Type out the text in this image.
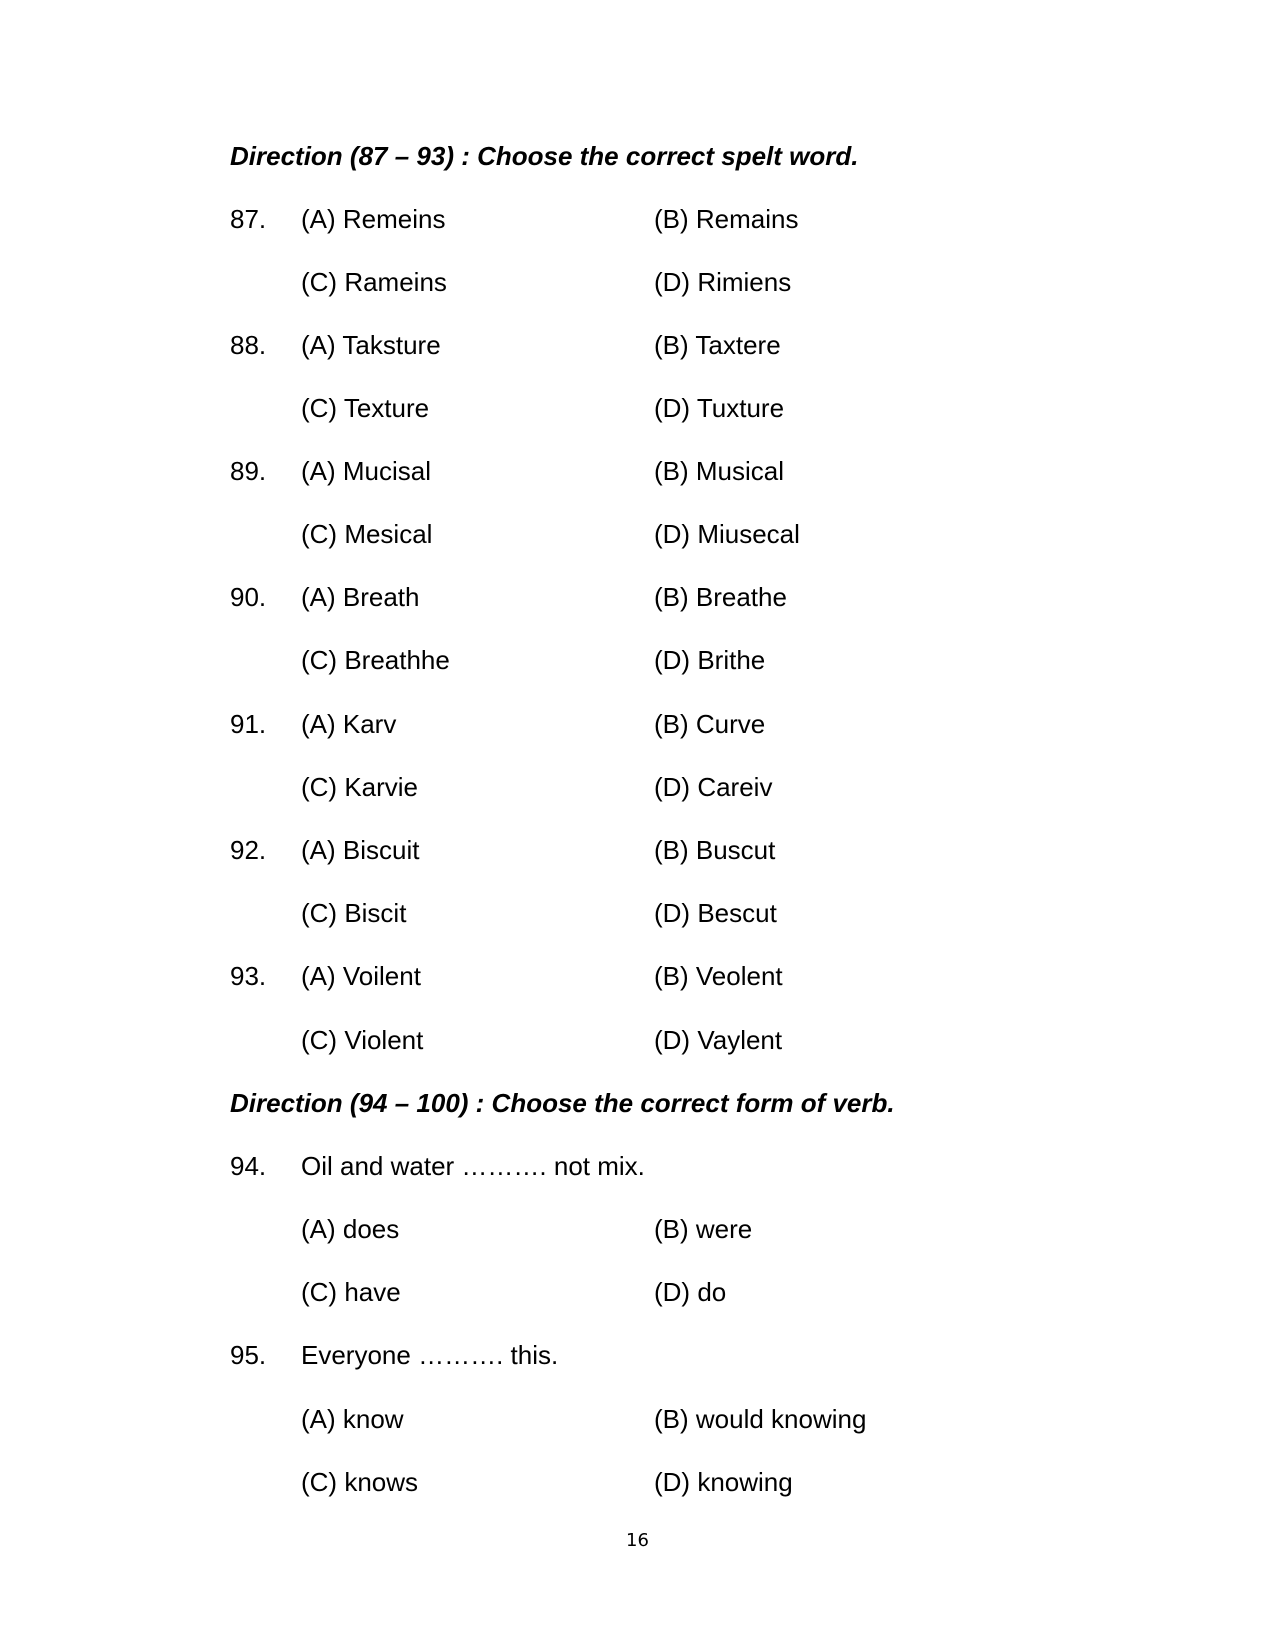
Direction (87 – 93) : Choose the correct spelt word.
87. (A) Remeins	(B) Remains
(C) Rameins	(D) Rimiens
88. (A) Taksture	(B) Taxtere
(C) Texture	(D) Tuxture
89. (A) Mucisal	(B) Musical
(C) Mesical	(D) Miusecal
90. (A) Breath	(B) Breathe
(C) Breathhe	(D) Brithe
91. (A) Karv	(B) Curve
(C) Karvie	(D) Careiv
92. (A) Biscuit	(B) Buscut
(C) Biscit	(D) Bescut
93. (A) Voilent	(B) Veolent
(C) Violent	(D) Vaylent
Direction (94 – 100) : Choose the correct form of verb.
94. Oil and water ………. not mix.
(A) does	(B) were
(C) have	(D) do
95. Everyone ………. this.
(A) know	(B) would knowing
(C) knows	(D) knowing
16
